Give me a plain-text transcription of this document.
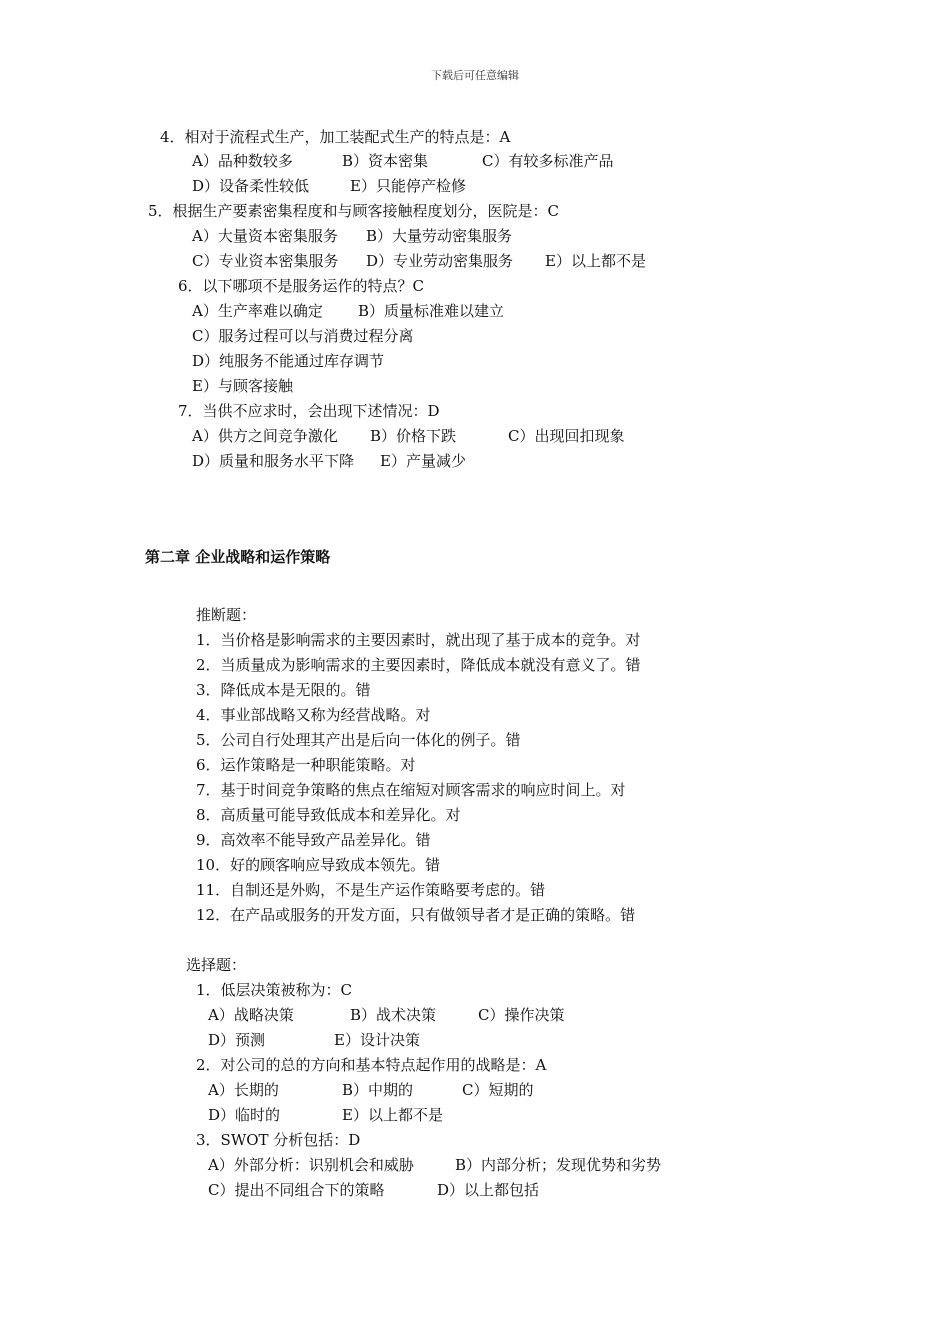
下载后可任意编辑
4．相对于流程式生产，加工装配式生产的特点是：A
A）品种数较多	B）资本密集	C）有较多标准产品
D）设备柔性较低	E）只能停产检修
5．根据生产要素密集程度和与顾客接触程度划分，医院是：C
A）大量资本密集服务 B）大量劳动密集服务
C）专业资本密集服务 D）专业劳动密集服务 E）以上都不是
6．以下哪项不是服务运作的特点？C
A）生产率难以确定 B）质量标准难以建立
C）服务过程可以与消费过程分离
D）纯服务不能通过库存调节
E）与顾客接触
7．当供不应求时，会出现下述情况：D
A）供方之间竞争激化 B）价格下跌	C）出现回扣现象
D）质量和服务水平下降 E）产量减少
第二章 企业战略和运作策略
推断题：
1．当价格是影响需求的主要因素时，就出现了基于成本的竞争。对
2．当质量成为影响需求的主要因素时，降低成本就没有意义了。错
3．降低成本是无限的。错
4．事业部战略又称为经营战略。对
5．公司自行处理其产出是后向一体化的例子。错
6．运作策略是一种职能策略。对
7．基于时间竞争策略的焦点在缩短对顾客需求的响应时间上。对
8．高质量可能导致低成本和差异化。对
9．高效率不能导致产品差异化。错
10．好的顾客响应导致成本领先。错
11．自制还是外购，不是生产运作策略要考虑的。错
12．在产品或服务的开发方面，只有做领导者才是正确的策略。错
选择题：
1．低层决策被称为：C
A）战略决策	B）战术决策	C）操作决策
D）预测	E）设计决策
2．对公司的总的方向和基本特点起作用的战略是：A
A）长期的	B）中期的	C）短期的
D）临时的	E）以上都不是
3．SWOT 分析包括：D
A）外部分析：识别机会和威胁	B）内部分析；发现优势和劣势
C）提出不同组合下的策略	D）以上都包括
